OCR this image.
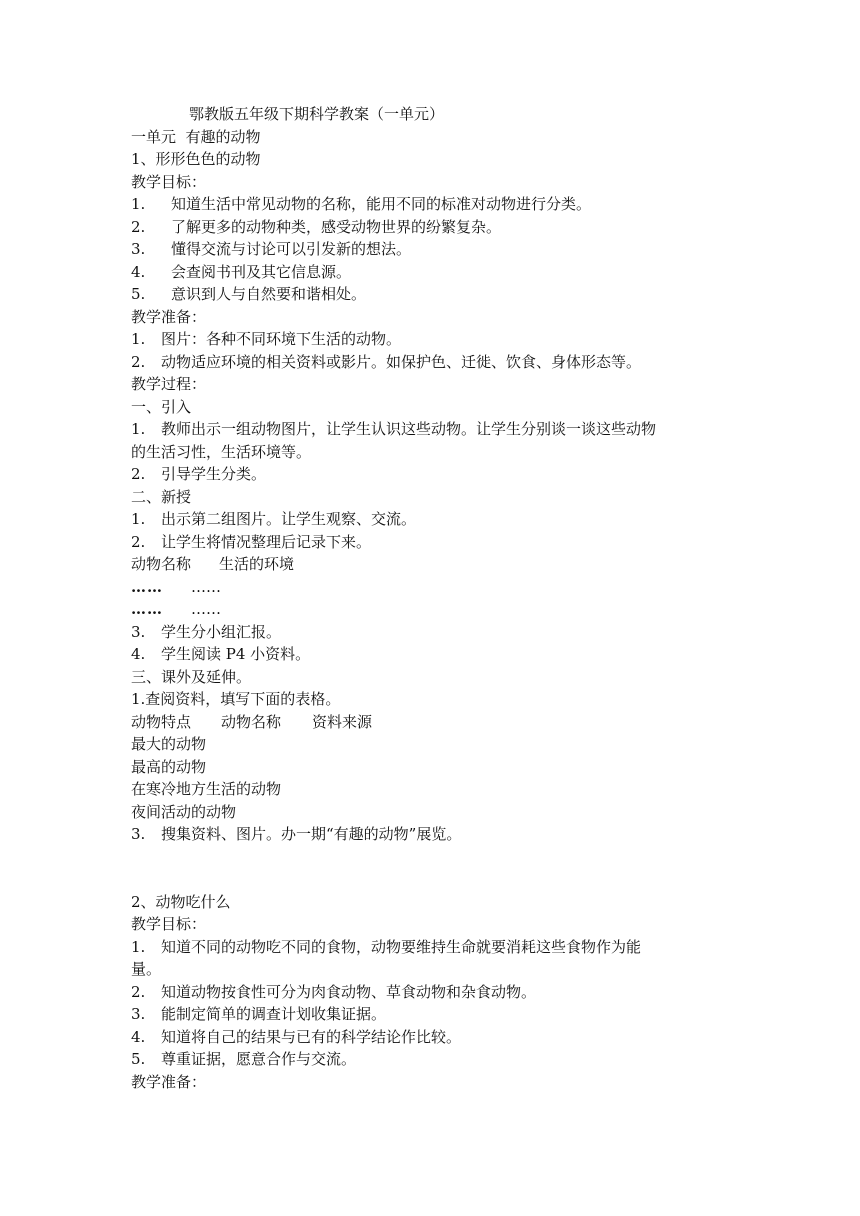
鄂教版五年级下期科学教案（一单元）
一单元  有趣的动物
1、形形色色的动物
教学目标：
1.	知道生活中常见动物的名称，能用不同的标准对动物进行分类。
2.	了解更多的动物种类，感受动物世界的纷繁复杂。
3.	懂得交流与讨论可以引发新的想法。
4.	会查阅书刊及其它信息源。
5.	意识到人与自然要和谐相处。
教学准备：
1.	图片：各种不同环境下生活的动物。
2.	动物适应环境的相关资料或影片。如保护色、迁徙、饮食、身体形态等。
教学过程：
一、引入
1.	教师出示一组动物图片，让学生认识这些动物。让学生分别谈一谈这些动物
的生活习性，生活环境等。
2.	引导学生分类。
二、新授
1.	出示第二组图片。让学生观察、交流。
2.	让学生将情况整理后记录下来。
动物名称	生活的环境
……	……
……	……
3.	学生分小组汇报。
4.	学生阅读 P4 小资料。
三、课外及延伸。
1.查阅资料，填写下面的表格。
动物特点	动物名称	资料来源
最大的动物
最高的动物
在寒冷地方生活的动物
夜间活动的动物
3.	搜集资料、图片。办一期“有趣的动物”展览。
2、动物吃什么
教学目标：
1.	知道不同的动物吃不同的食物，动物要维持生命就要消耗这些食物作为能
量。
2.	知道动物按食性可分为肉食动物、草食动物和杂食动物。
3.	能制定简单的调查计划收集证据。
4.	知道将自己的结果与已有的科学结论作比较。
5.	尊重证据，愿意合作与交流。
教学准备：
